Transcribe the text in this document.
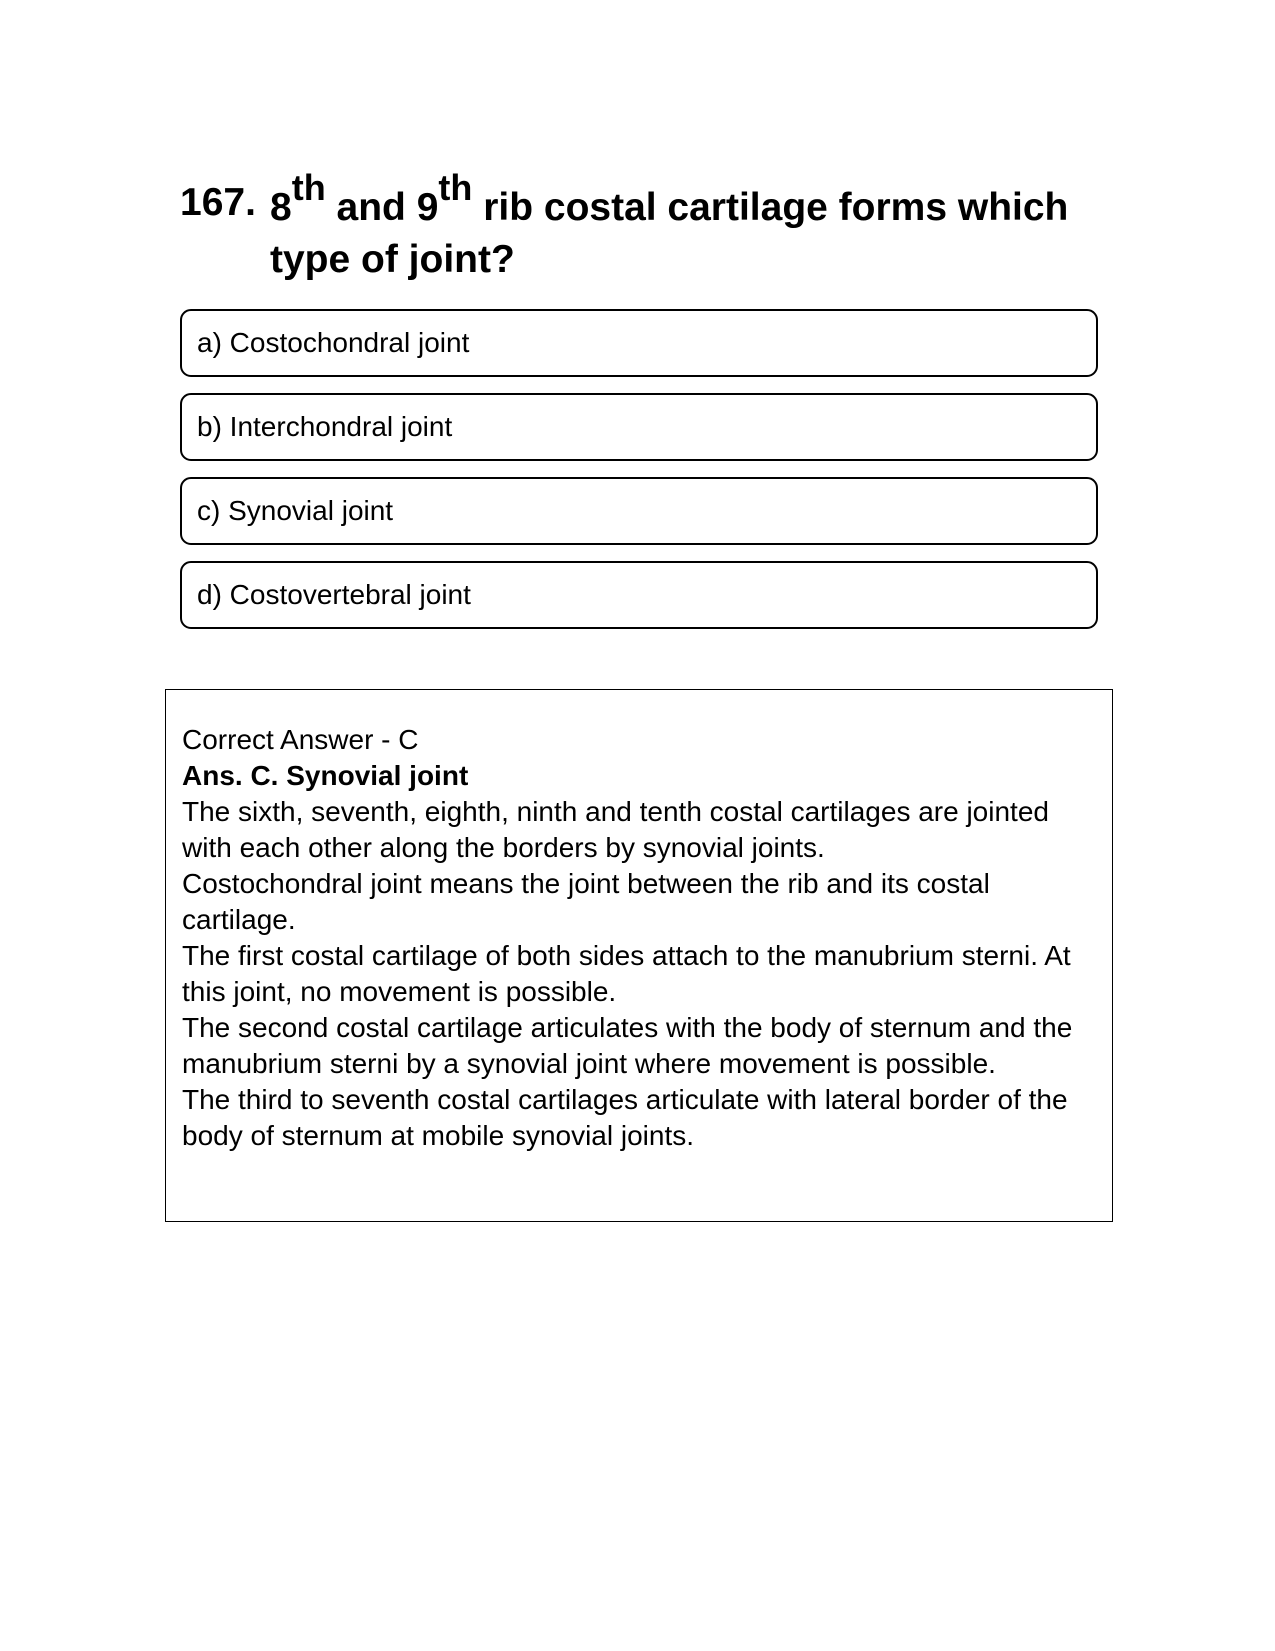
167. 8th and 9th rib costal cartilage forms which type of joint?
a) Costochondral joint
b) Interchondral joint
c) Synovial joint
d) Costovertebral joint

Correct Answer - C

Ans. C. Synovial joint

The sixth, seventh, eighth, ninth and tenth costal cartilages are jointed with each other along the borders by synovial joints.

Costochondral joint means the joint between the rib and its costal cartilage.

The first costal cartilage of both sides attach to the manubrium sterni. At this joint, no movement is possible.

The second costal cartilage articulates with the body of sternum and the manubrium sterni by a synovial joint where movement is possible.

The third to seventh costal cartilages articulate with lateral border of the body of sternum at mobile synovial joints.
